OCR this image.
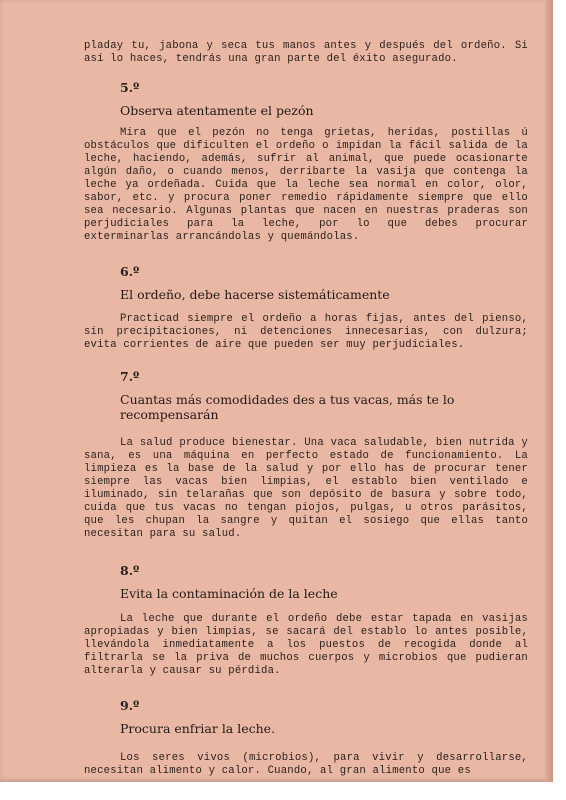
pladay tu, jabona y seca tus manos antes y después del ordeño. Si así lo haces, tendrás una gran parte del éxito asegurado.

5.º

Observa atentamente el pezón

Mira que el pezón no tenga grietas, heridas, postillas ú obstáculos que dificulten el ordeño o impidan la fácil salida de la leche, haciendo, además, sufrir al animal, que puede ocasionarte algún daño, o cuando menos, derribarte la vasija que contenga la leche ya ordeñada. Cuida que la leche sea normal en color, olor, sabor, etc. y procura poner remedio rápidamente siempre que ello sea necesario. Algunas plantas que nacen en nuestras praderas son perjudiciales para la leche, por lo que debes procurar exterminarlas arrancándolas y quemándolas.

6.º

El ordeño, debe hacerse sistemáticamente

Practicad siempre el ordeño a horas fijas, antes del pienso, sin precipitaciones, ni detenciones innecesarias, con dulzura; evita corrientes de aire que pueden ser muy perjudiciales.

7.º

Cuantas más comodidades des a tus vacas, más te lo recompensarán

La salud produce bienestar. Una vaca saludable, bien nutrida y sana, es una máquina en perfecto estado de funcionamiento. La limpieza es la base de la salud y por ello has de procurar tener siempre las vacas bien limpias, el establo bien ventilado e iluminado, sin telarañas que son depósito de basura y sobre todo, cuida que tus vacas no tengan piojos, pulgas, u otros parásitos, que les chupan la sangre y quitan el sosiego que ellas tanto necesitan para su salud.

8.º

Evita la contaminación de la leche

La leche que durante el ordeño debe estar tapada en vasijas apropiadas y bien limpias, se sacará del establo lo antes posible, llevándola inmediatamente a los puestos de recogida donde al filtrarla se la priva de muchos cuerpos y microbios que pudieran alterarla y causar su pérdida.

9.º

Procura enfriar la leche.

Los seres vivos (microbios), para vivir y desarrollarse, necesitan alimento y calor. Cuando, al gran alimento que es
